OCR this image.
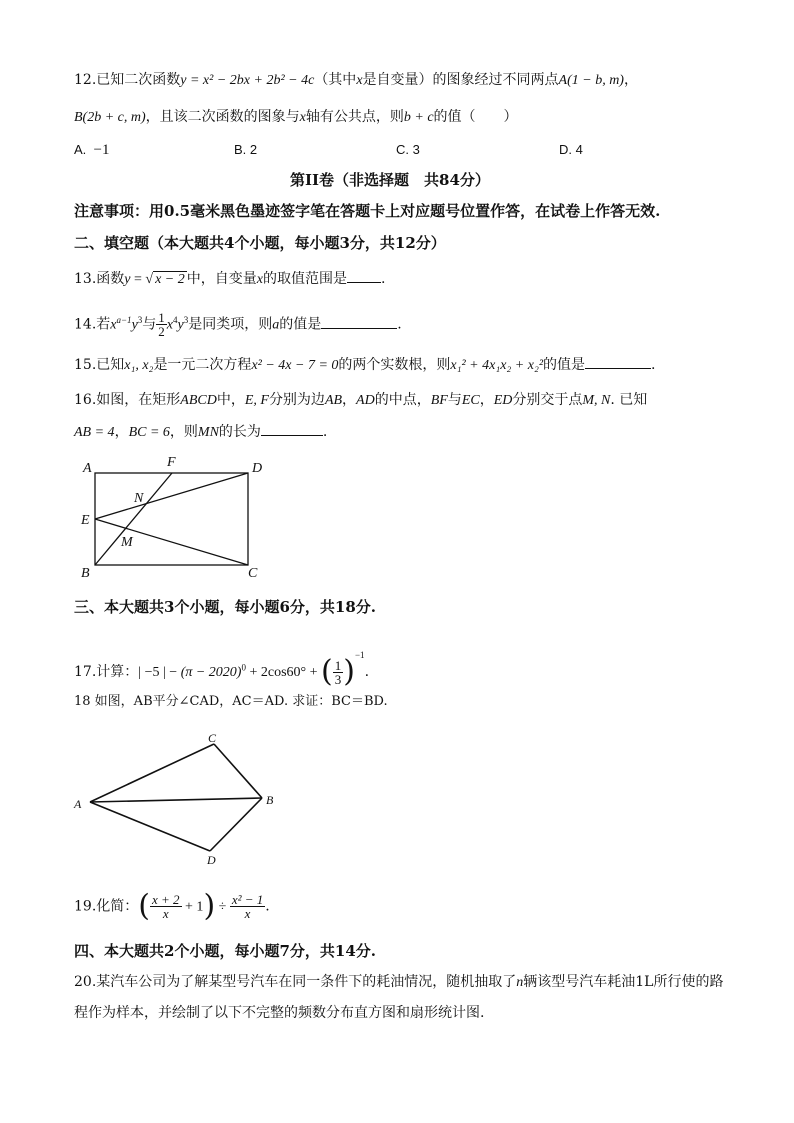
12.已知二次函数y = x² − 2bx + 2b² − 4c（其中x是自变量）的图象经过不同两点A(1 − b, m)，
B(2b + c, m)，且该二次函数的图象与x轴有公共点，则b + c的值（　　）
A. −1	B. 2	C. 3	D. 4
第II卷（非选择题　共84分）
注意事项：用0.5毫米黑色墨迹签字笔在答题卡上对应题号位置作答，在试卷上作答无效.
二、填空题（本大题共4个小题，每小题3分，共12分）
13.函数y = √ x − 2 中，自变量x的取值范围是 .
14.若$x^{a-1}y^3$与 $\frac{1}{2} x^4y^3$是同类项，则a的值是	.
15.已知x₁, x₂是一元二次方程x² − 4x − 7 = 0的两个实数根，则x₁² + 4x₁x₂ + x₂²的值是	.
16.如图，在矩形ABCD中，E, F分别为边AB，AD的中点，BF与EC，ED分别交于点M, N. 已知
AB = 4，BC = 6，则MN的长为	.
A	F	D
N
E
M
B	C
三、本大题共3个小题，每小题6分，共18分.
17.计算：| −5 | − $(\pi - 2020)^0 + 2\cos 60^\circ$ + ( $\frac{1}{3} )^{-1}$.
18 如图，AB平分∠CAD，AC＝AD. 求证：BC＝BD.
C
A	B
D
19.化简：( $\frac{x + 2}{x} + 1) \div \frac{\text{x² − 1}}{x}$ .
四、本大题共2个小题，每小题7分，共14分.
20.某汽车公司为了解某型号汽车在同一条件下的耗油情况，随机抽取了n辆该型号汽车耗油1L所行使的路
程作为样本，并绘制了以下不完整的频数分布直方图和扇形统计图.
